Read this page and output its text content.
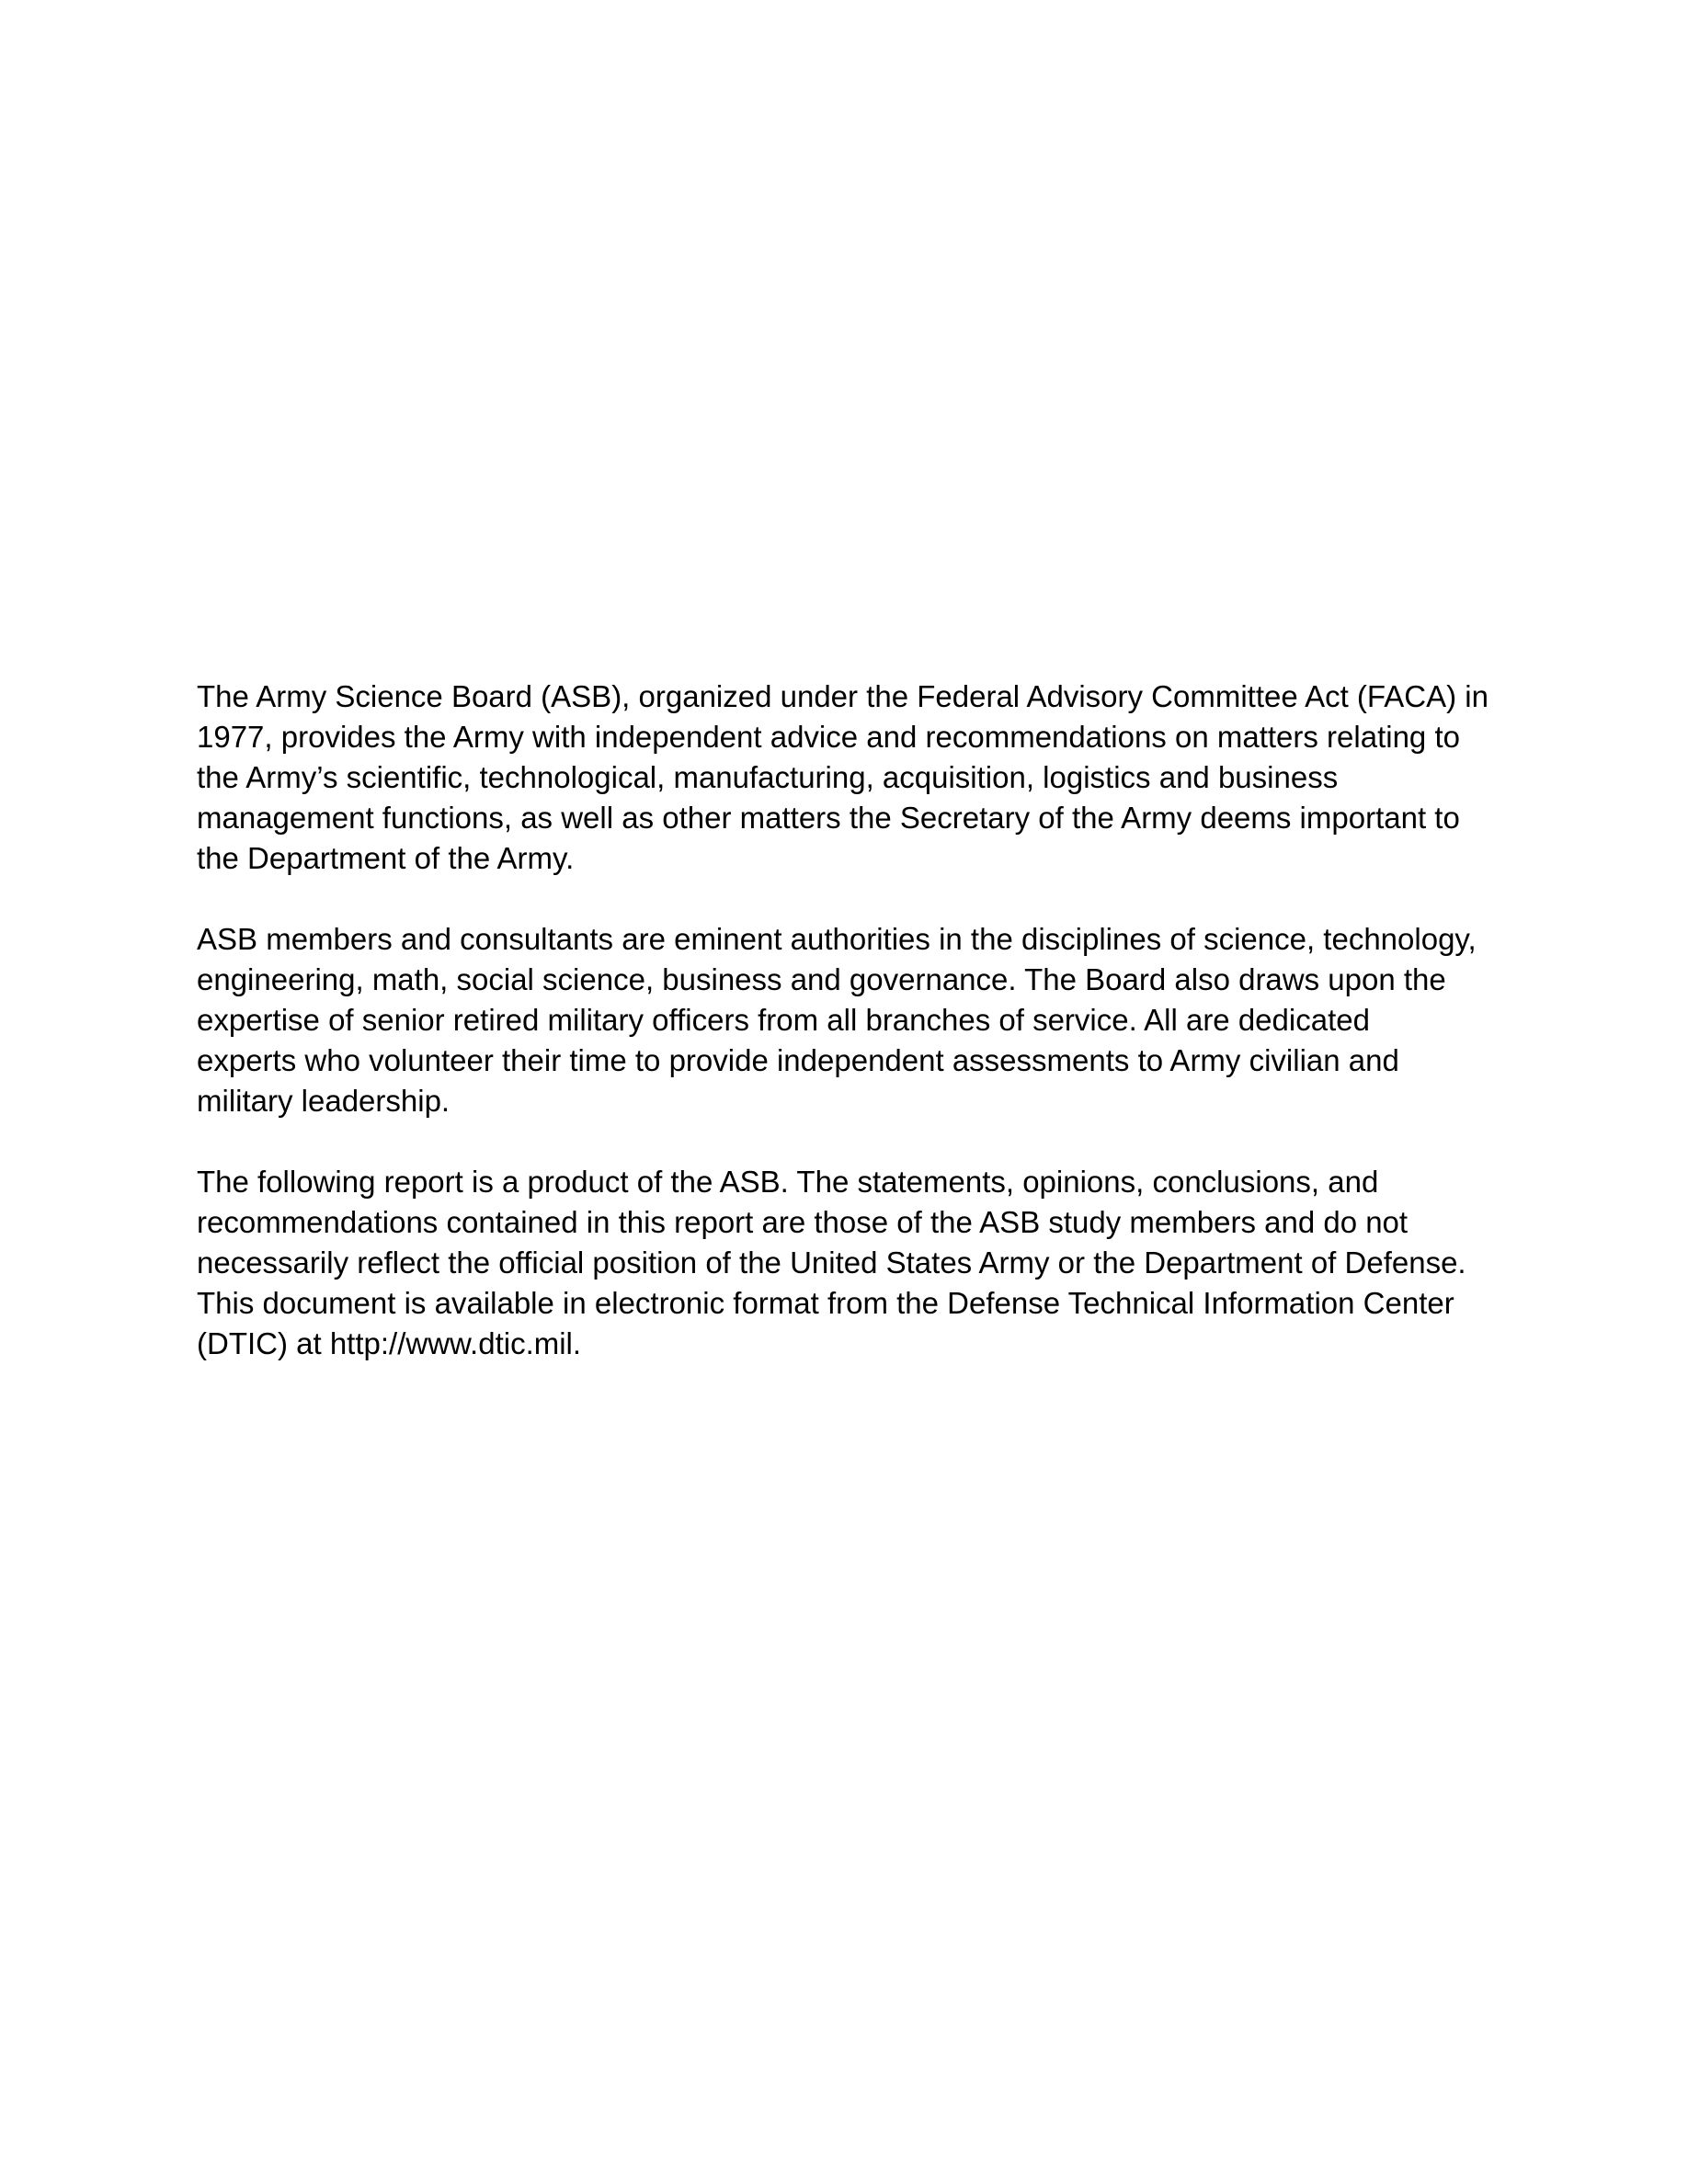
The Army Science Board (ASB), organized under the Federal Advisory Committee Act (FACA) in
1977, provides the Army with independent advice and recommendations on matters relating to
the Army’s scientific, technological, manufacturing, acquisition, logistics and business
management functions, as well as other matters the Secretary of the Army deems important to
the Department of the Army.

ASB members and consultants are eminent authorities in the disciplines of science, technology,
engineering, math, social science, business and governance. The Board also draws upon the
expertise of senior retired military officers from all branches of service. All are dedicated
experts who volunteer their time to provide independent assessments to Army civilian and
military leadership.

The following report is a product of the ASB. The statements, opinions, conclusions, and
recommendations contained in this report are those of the ASB study members and do not
necessarily reflect the official position of the United States Army or the Department of Defense.
This document is available in electronic format from the Defense Technical Information Center
(DTIC) at http://www.dtic.mil.
